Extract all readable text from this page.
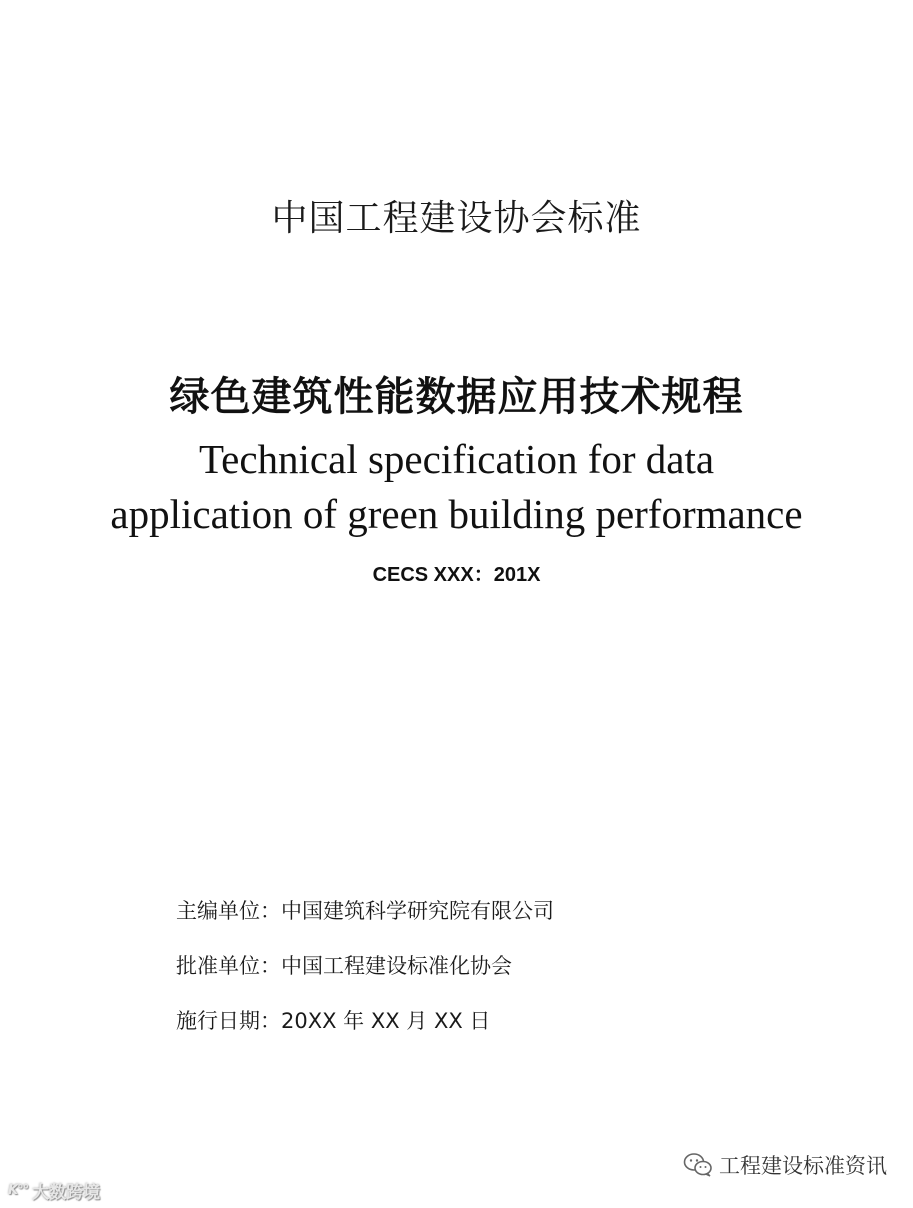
中国工程建设协会标准
绿色建筑性能数据应用技术规程
Technical specification for data
application of green building performance
CECS XXX：201X
主编单位：中国建筑科学研究院有限公司
批准单位：中国工程建设标准化协会
施行日期：20XX 年 XX 月 XX 日
K°° 大数跨境
工程建设标准资讯
